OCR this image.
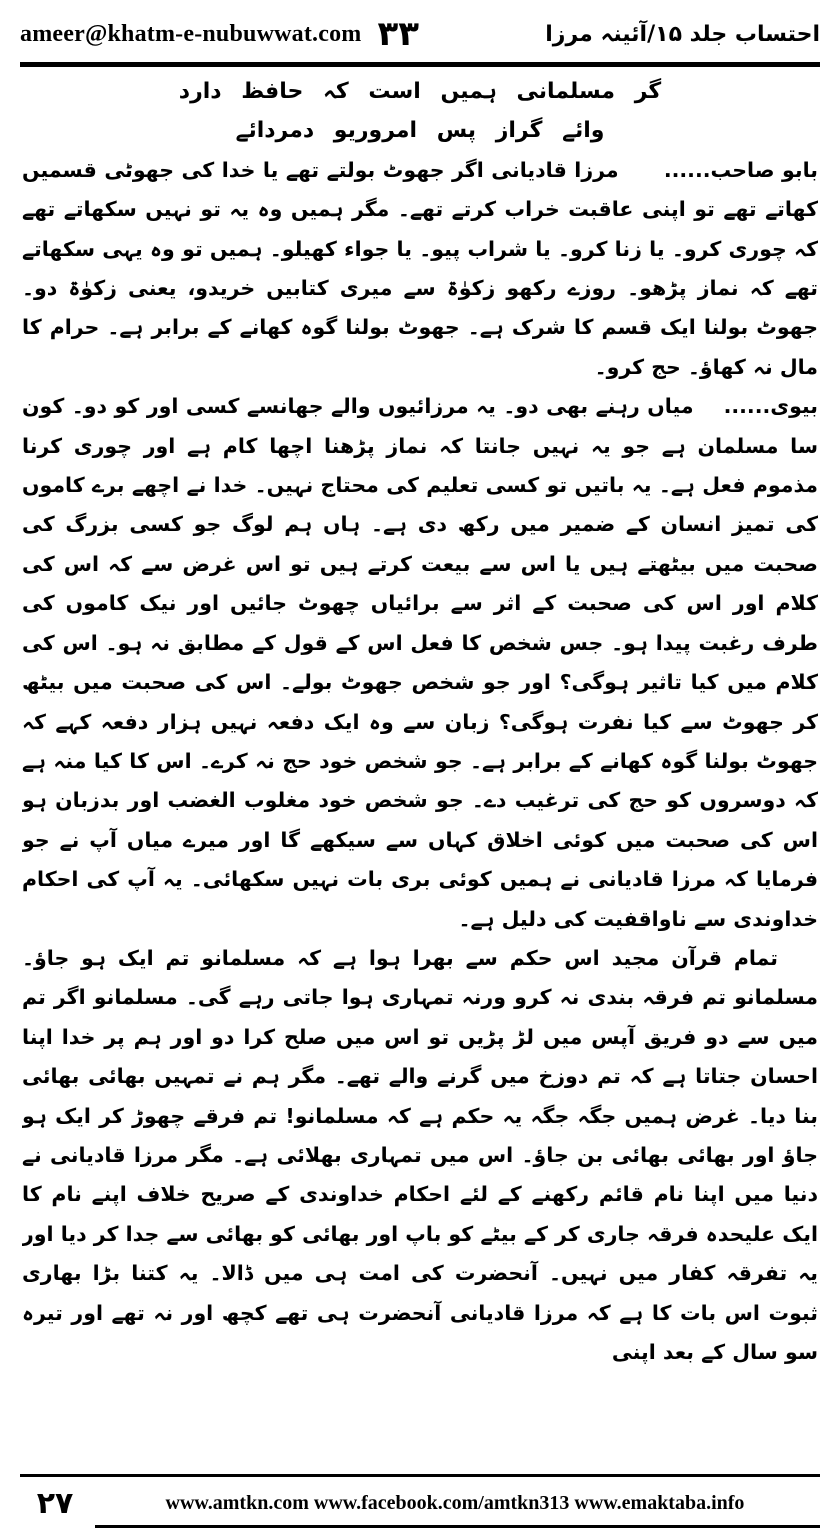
ameer@khatm-e-nubuwwat.com ۳۳	احتساب جلد ۱۵/آئینہ مرزا

گر مسلمانی ہمیں است کہ حافظ دارد

وائے گراز پس امروریو دمردائے

بابو صاحب......      مرزا قادیانی اگر جھوٹ بولتے تھے یا خدا کی جھوٹی قسمیں کھاتے تھے تو اپنی عاقبت خراب کرتے تھے۔ مگر ہمیں وہ یہ تو نہیں سکھاتے تھے کہ چوری کرو۔ یا زنا کرو۔ یا شراب پیو۔ یا جواء کھیلو۔ ہمیں تو وہ یہی سکھاتے تھے کہ نماز پڑھو۔ روزے رکھو زکوٰۃ سے میری کتابیں خریدو، یعنی زکوٰۃ دو۔ جھوٹ بولنا ایک قسم کا شرک ہے۔ جھوٹ بولنا گوہ کھانے کے برابر ہے۔ حرام کا مال نہ کھاؤ۔ حج کرو۔

بیوی......    میاں رہنے بھی دو۔ یہ مرزائیوں والے جھانسے کسی اور کو دو۔ کون سا مسلمان ہے جو یہ نہیں جانتا کہ نماز پڑھنا اچھا کام ہے اور چوری کرنا مذموم فعل ہے۔ یہ باتیں تو کسی تعلیم کی محتاج نہیں۔ خدا نے اچھے برے کاموں کی تمیز انسان کے ضمیر میں رکھ دی ہے۔ ہاں ہم لوگ جو کسی بزرگ کی صحبت میں بیٹھتے ہیں یا اس سے بیعت کرتے ہیں تو اس غرض سے کہ اس کی کلام اور اس کی صحبت کے اثر سے برائیاں چھوٹ جائیں اور نیک کاموں کی طرف رغبت پیدا ہو۔ جس شخص کا فعل اس کے قول کے مطابق نہ ہو۔ اس کی کلام میں کیا تاثیر ہوگی؟ اور جو شخص جھوٹ بولے۔ اس کی صحبت میں بیٹھ کر جھوٹ سے کیا نفرت ہوگی؟ زبان سے وہ ایک دفعہ نہیں ہزار دفعہ کہے کہ جھوٹ بولنا گوہ کھانے کے برابر ہے۔ جو شخص خود حج نہ کرے۔ اس کا کیا منہ ہے کہ دوسروں کو حج کی ترغیب دے۔ جو شخص خود مغلوب الغضب اور بدزبان ہو اس کی صحبت میں کوئی اخلاق کہاں سے سیکھے گا اور میرے میاں آپ نے جو فرمایا کہ مرزا قادیانی نے ہمیں کوئی بری بات نہیں سکھائی۔ یہ آپ کی احکام خداوندی سے ناواقفیت کی دلیل ہے۔

تمام قرآن مجید اس حکم سے بھرا ہوا ہے کہ مسلمانو تم ایک ہو جاؤ۔ مسلمانو تم فرقہ بندی نہ کرو ورنہ تمہاری ہوا جاتی رہے گی۔ مسلمانو اگر تم میں سے دو فریق آپس میں لڑ پڑیں تو اس میں صلح کرا دو اور ہم پر خدا اپنا احسان جتاتا ہے کہ تم دوزخ میں گرنے والے تھے۔ مگر ہم نے تمہیں بھائی بھائی بنا دیا۔ غرض ہمیں جگہ جگہ یہ حکم ہے کہ مسلمانو! تم فرقے چھوڑ کر ایک ہو جاؤ اور بھائی بھائی بن جاؤ۔ اس میں تمہاری بھلائی ہے۔ مگر مرزا قادیانی نے دنیا میں اپنا نام قائم رکھنے کے لئے احکام خداوندی کے صریح خلاف اپنے نام کا ایک علیحدہ فرقہ جاری کر کے بیٹے کو باپ اور بھائی کو بھائی سے جدا کر دیا اور یہ تفرقہ کفار میں نہیں۔ آنحضرت کی امت ہی میں ڈالا۔ یہ کتنا بڑا بھاری ثبوت اس بات کا ہے کہ مرزا قادیانی آنحضرت ہی تھے کچھ اور نہ تھے اور تیرہ سو سال کے بعد اپنی

۲۷	www.amtkn.com www.facebook.com/amtkn313 www.emaktaba.info
